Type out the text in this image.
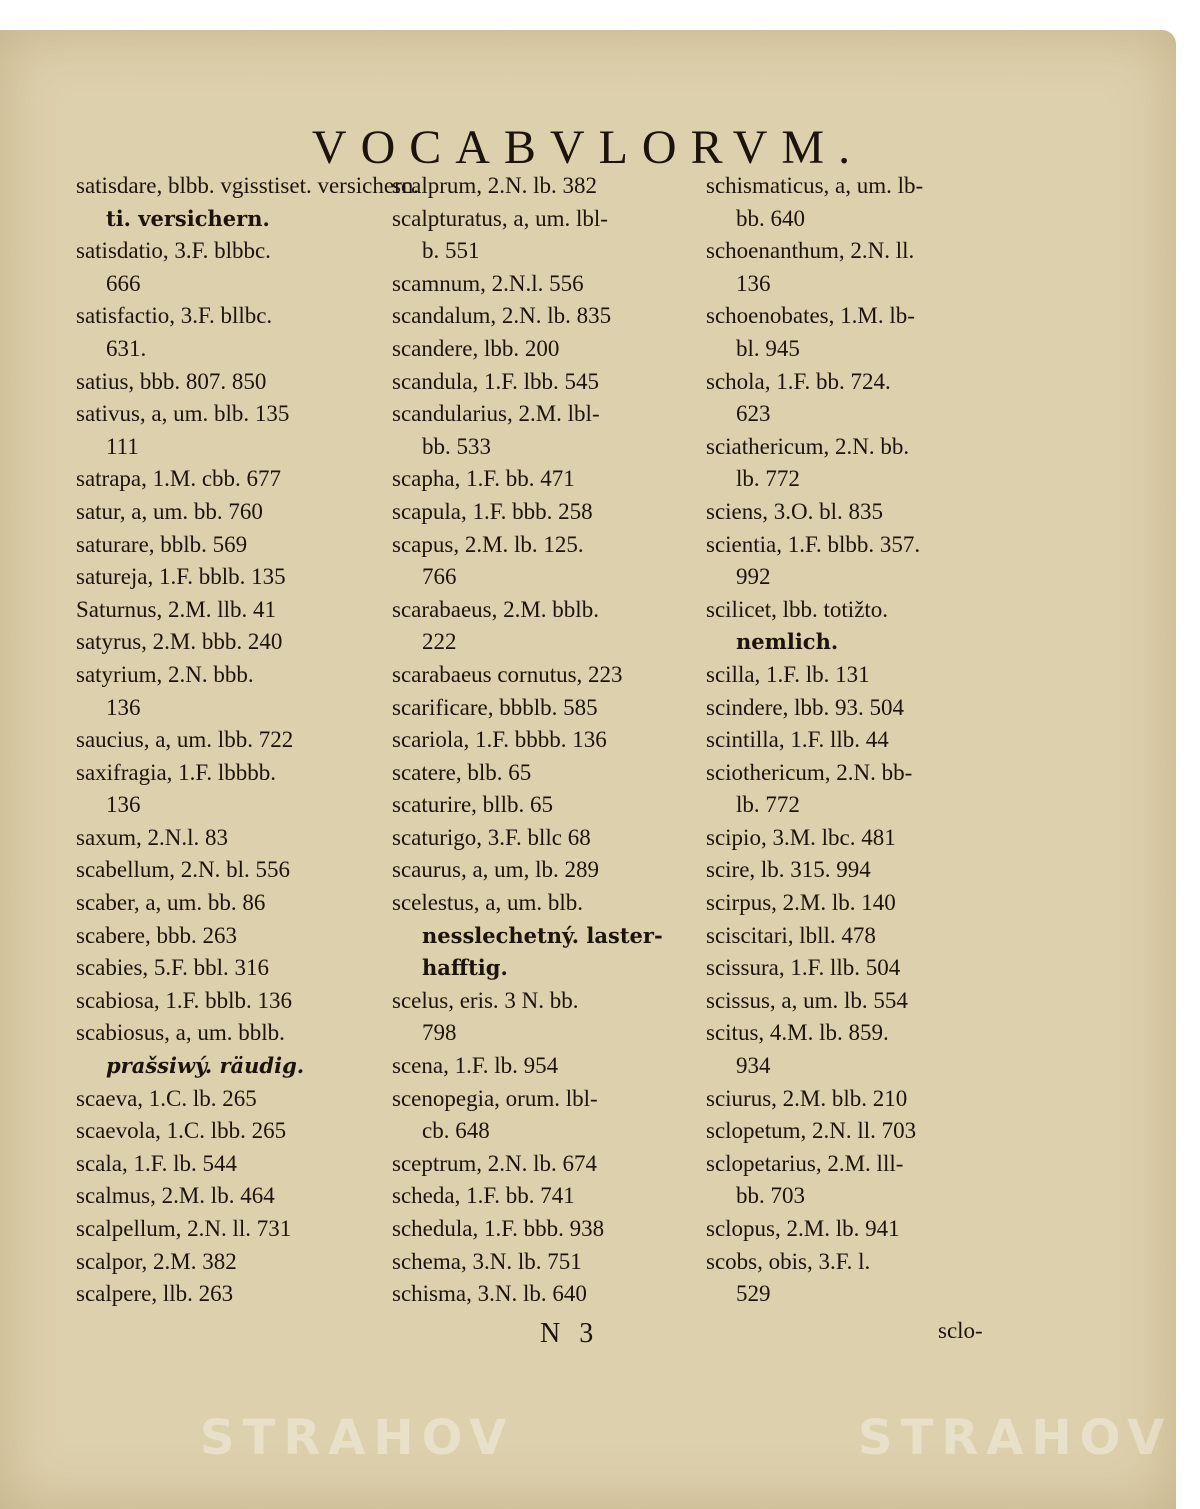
VOCABVLORVM.
satisdare, blbb. vgisstiset. versichern.
ti. versichern.
satisdatio, 3.F. blbbc.
666
satisfactio, 3.F. bllbc.
631.
satius, bbb. 807. 850
sativus, a, um. blb. 135
111
satrapa, 1.M. cbb. 677
satur, a, um. bb. 760
saturare, bblb. 569
satureja, 1.F. bblb. 135
Saturnus, 2.M. llb. 41
satyrus, 2.M. bbb. 240
satyrium, 2.N. bbb.
136
saucius, a, um. lbb. 722
saxifragia, 1.F. lbbbb.
136
saxum, 2.N.l. 83
scabellum, 2.N. bl. 556
scaber, a, um. bb. 86
scabere, bbb. 263
scabies, 5.F. bbl. 316
scabiosa, 1.F. bblb. 136
scabiosus, a, um. bblb.
prašsiwý. räudig.
scaeva, 1.C. lb. 265
scaevola, 1.C. lbb. 265
scala, 1.F. lb. 544
scalmus, 2.M. lb. 464
scalpellum, 2.N. ll. 731
scalpor, 2.M. 382
scalpere, llb. 263
scalprum, 2.N. lb. 382
scalpturatus, a, um. lbl-
b. 551
scamnum, 2.N.l. 556
scandalum, 2.N. lb. 835
scandere, lbb. 200
scandula, 1.F. lbb. 545
scandularius, 2.M. lbl-
bb. 533
scapha, 1.F. bb. 471
scapula, 1.F. bbb. 258
scapus, 2.M. lb. 125.
766
scarabaeus, 2.M. bblb.
222
scarabaeus cornutus, 223
scarificare, bbblb. 585
scariola, 1.F. bbbb. 136
scatere, blb. 65
scaturire, bllb. 65
scaturigo, 3.F. bllc 68
scaurus, a, um, lb. 289
scelestus, a, um. blb.
nesslechetný. laster-
hafftig.
scelus, eris. 3 N. bb.
798
scena, 1.F. lb. 954
scenopegia, orum. lbl-
cb. 648
sceptrum, 2.N. lb. 674
scheda, 1.F. bb. 741
schedula, 1.F. bbb. 938
schema, 3.N. lb. 751
schisma, 3.N. lb. 640
schismaticus, a, um. lb-
bb. 640
schoenanthum, 2.N. ll.
136
schoenobates, 1.M. lb-
bl. 945
schola, 1.F. bb. 724.
623
sciathericum, 2.N. bb.
lb. 772
sciens, 3.O. bl. 835
scientia, 1.F. blbb. 357.
992
scilicet, lbb. totižto.
nemlich.
scilla, 1.F. lb. 131
scindere, lbb. 93. 504
scintilla, 1.F. llb. 44
sciothericum, 2.N. bb-
lb. 772
scipio, 3.M. lbc. 481
scire, lb. 315. 994
scirpus, 2.M. lb. 140
sciscitari, lbll. 478
scissura, 1.F. llb. 504
scissus, a, um. lb. 554
scitus, 4.M. lb. 859.
934
sciurus, 2.M. blb. 210
sclopetum, 2.N. ll. 703
sclopetarius, 2.M. lll-
bb. 703
sclopus, 2.M. lb. 941
scobs, obis, 3.F. l.
529
N 3	sclo-
STRAHOV	STRAHOV
